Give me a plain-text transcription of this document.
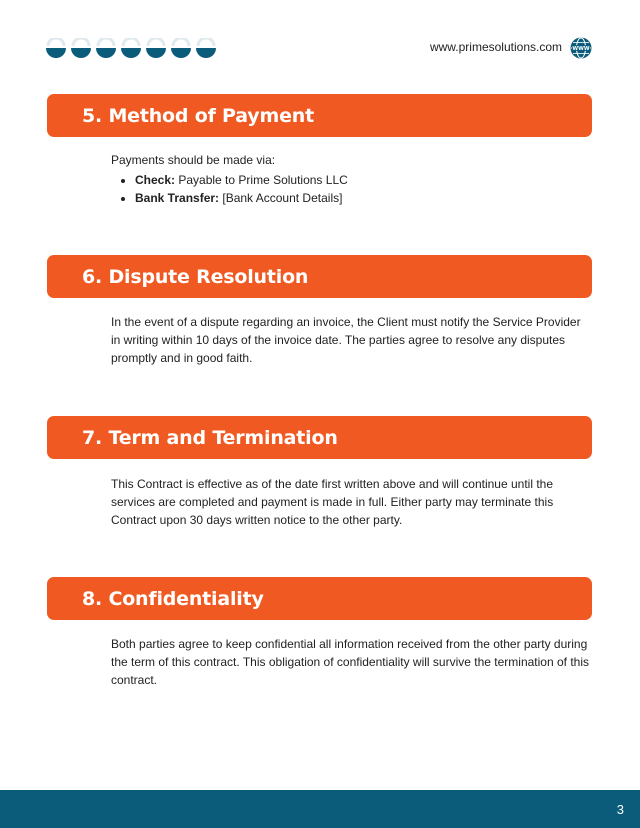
www.primesolutions.com WWW
5. Method of Payment

Payments should be made via:

• Check: Payable to Prime Solutions LLC
• Bank Transfer: [Bank Account Details]
6. Dispute Resolution

In the event of a dispute regarding an invoice, the Client must notify the Service Provider in writing within 10 days of the invoice date. The parties agree to resolve any disputes promptly and in good faith.

7. Term and Termination

This Contract is effective as of the date first written above and will continue until the services are completed and payment is made in full. Either party may terminate this Contract upon 30 days written notice to the other party.

8. Confidentiality

Both parties agree to keep confidential all information received from the other party during the term of this contract. This obligation of confidentiality will survive the termination of this contract.

3
